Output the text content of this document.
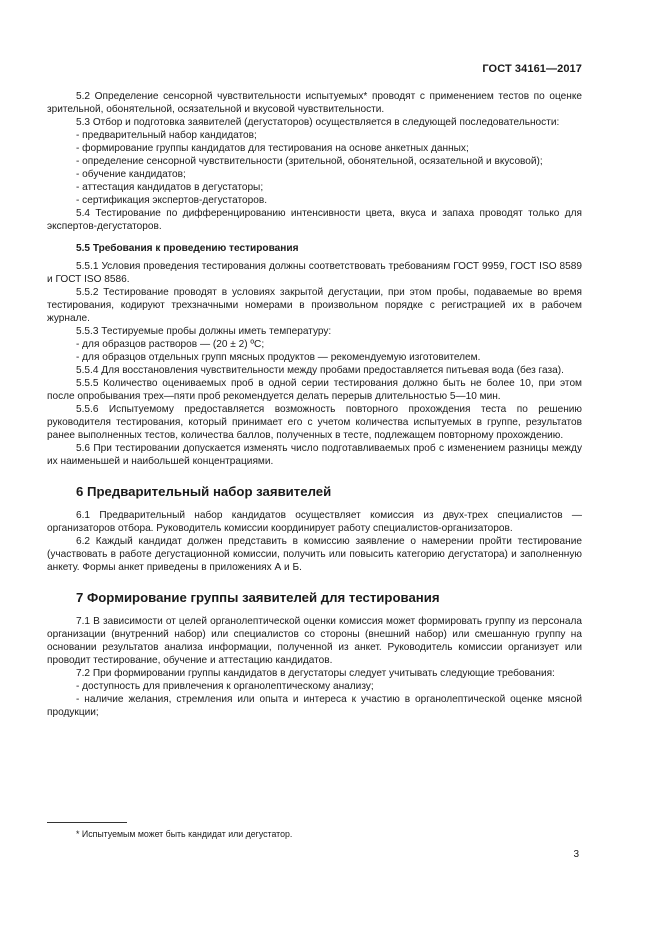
ГОСТ 34161—2017

5.2 Определение сенсорной чувствительности испытуемых* проводят с применением тестов по оценке зрительной, обонятельной, осязательной и вкусовой чувствительности.

5.3 Отбор и подготовка заявителей (дегустаторов) осуществляется в следующей последовательности:

- предварительный набор кандидатов;

- формирование группы кандидатов для тестирования на основе анкетных данных;

- определение сенсорной чувствительности (зрительной, обонятельной, осязательной и вкусовой);

- обучение кандидатов;

- аттестация кандидатов в дегустаторы;

- сертификация экспертов-дегустаторов.

5.4 Тестирование по дифференцированию интенсивности цвета, вкуса и запаха проводят только для экспертов-дегустаторов.

5.5 Требования к проведению тестирования

5.5.1 Условия проведения тестирования должны соответствовать требованиям ГОСТ 9959, ГОСТ ISO 8589 и ГОСТ ISO 8586.

5.5.2 Тестирование проводят в условиях закрытой дегустации, при этом пробы, подаваемые во время тестирования, кодируют трехзначными номерами в произвольном порядке с регистрацией их в рабочем журнале.

5.5.3 Тестируемые пробы должны иметь температуру:

- для образцов растворов — (20 ± 2) ºС;

- для образцов отдельных групп мясных продуктов — рекомендуемую изготовителем.

5.5.4 Для восстановления чувствительности между пробами предоставляется питьевая вода (без газа).

5.5.5 Количество оцениваемых проб в одной серии тестирования должно быть не более 10, при этом после опробывания трех—пяти проб рекомендуется делать перерыв длительностью 5—10 мин.

5.5.6 Испытуемому предоставляется возможность повторного прохождения теста по решению руководителя тестирования, который принимает его с учетом количества испытуемых в группе, результатов ранее выполненных тестов, количества баллов, полученных в тесте, подлежащем повторному прохождению.

5.6 При тестировании допускается изменять число подготавливаемых проб с изменением разницы между их наименьшей и наибольшей концентрациями.

6 Предварительный набор заявителей

6.1 Предварительный набор кандидатов осуществляет комиссия из двух-трех специалистов — организаторов отбора. Руководитель комиссии координирует работу специалистов-организаторов.

6.2 Каждый кандидат должен представить в комиссию заявление о намерении пройти тестирование (участвовать в работе дегустационной комиссии, получить или повысить категорию дегустатора) и заполненную анкету. Формы анкет приведены в приложениях А и Б.

7 Формирование группы заявителей для тестирования

7.1 В зависимости от целей органолептической оценки комиссия может формировать группу из персонала организации (внутренний набор) или специалистов со стороны (внешний набор) или смешанную группу на основании результатов анализа информации, полученной из анкет. Руководитель комиссии организует или проводит тестирование, обучение и аттестацию кандидатов.

7.2 При формировании группы кандидатов в дегустаторы следует учитывать следующие требования:

- доступность для привлечения к органолептическому анализу;

- наличие желания, стремления или опыта и интереса к участию в органолептической оценке мясной продукции;

* Испытуемым может быть кандидат или дегустатор.
3
